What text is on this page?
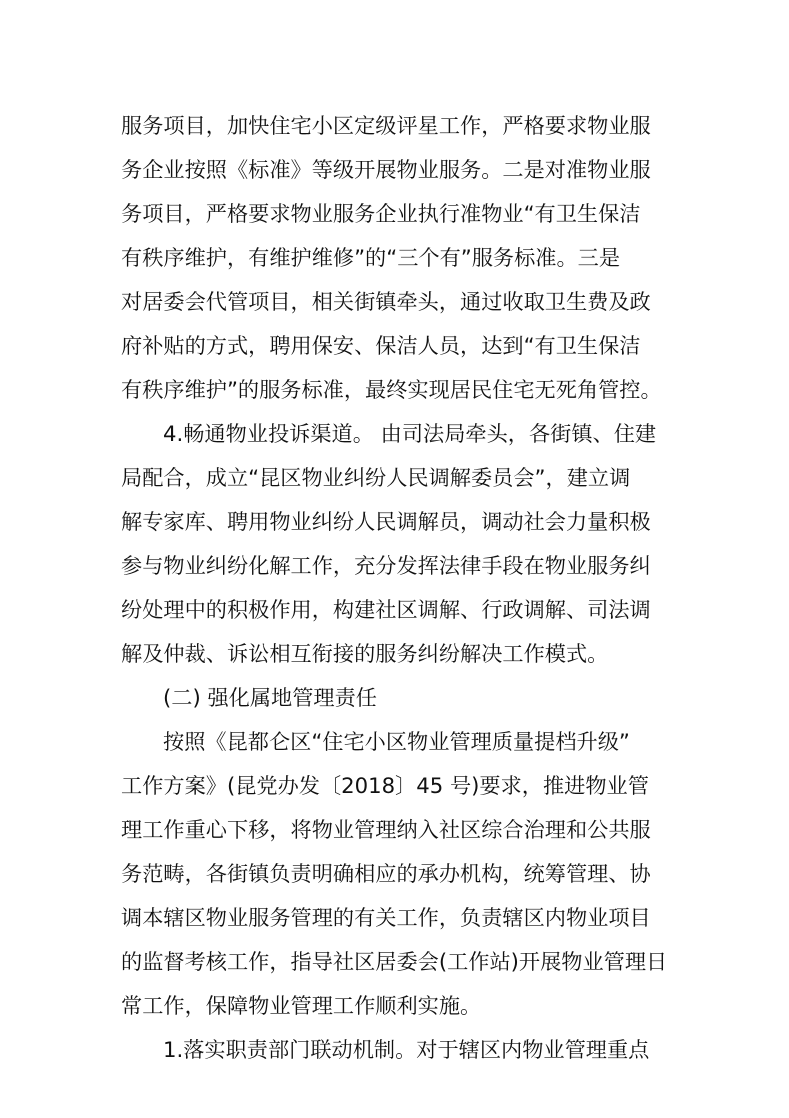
服务项目，加快住宅小区定级评星工作，严格要求物业服
务企业按照《标准》等级开展物业服务。二是对准物业服
务项目，严格要求物业服务企业执行准物业“有卫生保洁
有秩序维护，有维护维修”的“三个有”服务标准。三是
对居委会代管项目，相关街镇牵头，通过收取卫生费及政
府补贴的方式，聘用保安、保洁人员，达到“有卫生保洁
有秩序维护”的服务标准，最终实现居民住宅无死角管控。
4.畅通物业投诉渠道。 由司法局牵头，各街镇、住建
局配合，成立“昆区物业纠纷人民调解委员会”，建立调
解专家库、聘用物业纠纷人民调解员，调动社会力量积极
参与物业纠纷化解工作，充分发挥法律手段在物业服务纠
纷处理中的积极作用，构建社区调解、行政调解、司法调
解及仲裁、诉讼相互衔接的服务纠纷解决工作模式。
(二) 强化属地管理责任
按照《昆都仑区“住宅小区物业管理质量提档升级”
工作方案》(昆党办发〔2018〕45 号)要求，推进物业管
理工作重心下移，将物业管理纳入社区综合治理和公共服
务范畴，各街镇负责明确相应的承办机构，统筹管理、协
调本辖区物业服务管理的有关工作，负责辖区内物业项目
的监督考核工作，指导社区居委会(工作站)开展物业管理日
常工作，保障物业管理工作顺利实施。
1.落实职责部门联动机制。对于辖区内物业管理重点
